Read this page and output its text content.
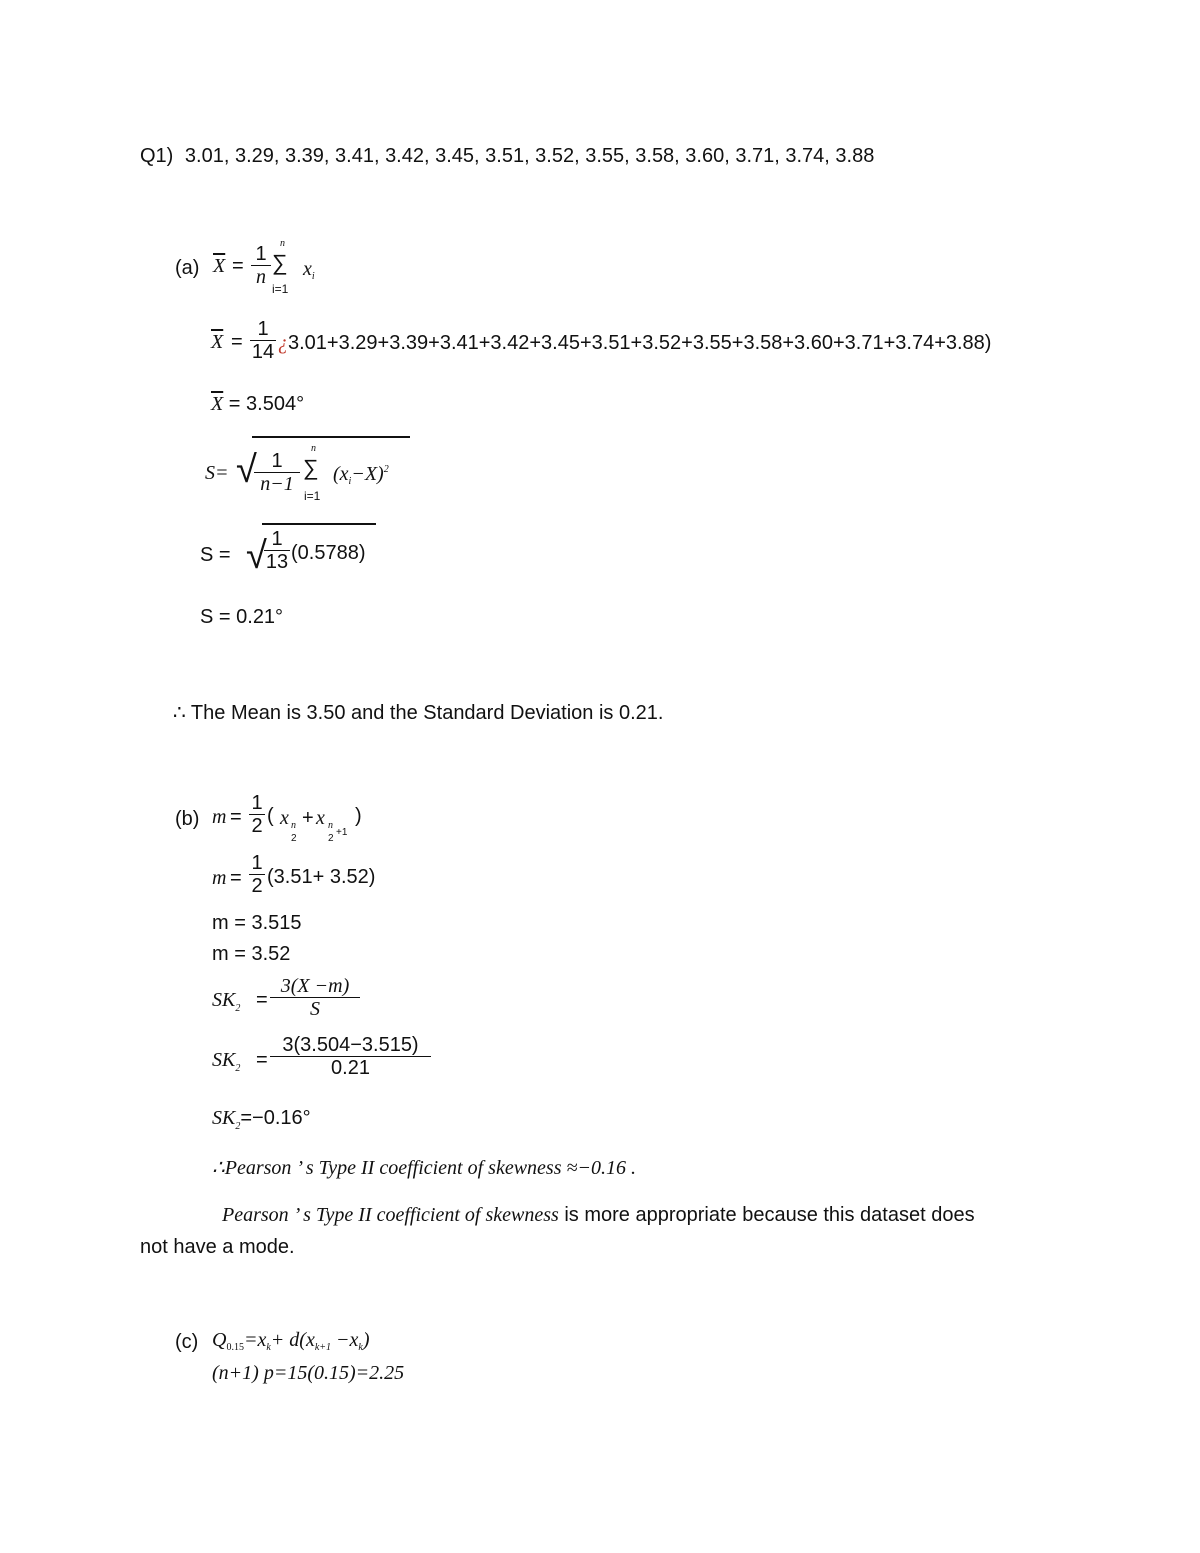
Q1) 3.01, 3.29, 3.39, 3.41, 3.42, 3.45, 3.51, 3.52, 3.55, 3.58, 3.60, 3.71, 3.74, 3.88
(a) $\overline{X}$ =
1
n
n
∑
i=1
$x_i$
$\overline{X}$ =
1
14 ¿3.01+3.29+3.39+3.41+3.42+3.45+3.51+3.52+3.55+3.58+3.60+3.71+3.74+3.88)
$\overline{X} = 3.504^\circ$
S= √ 1
n−1
n
∑
i=1
$(x_i-X)^2$
S = √ 1
13 (0.5788)
S = 0.21°
∴ The Mean is 3.50 and the Standard Deviation is 0.21.
(b) m =
1
2 ( x n
2
+ x n
2
+1
)
m =
1
2 (3.51+ 3.52)
m = 3.515
m = 3.52
$SK_2$ =
3(X −m)
S
$SK_2$ =
3(3.504−3.515)
0.21
$SK_2=-0.16^\circ$
∴Pearson ’ s Type II coefficient of skewness ≈−0.16 .
Pearson ’ s Type II coefficient of skewness is more appropriate because this dataset does
not have a mode.
(c) $Q_{0.15}=x_k+ d(x_{k+1} -x_k)$
(n+1) p=15(0.15)=2.25
